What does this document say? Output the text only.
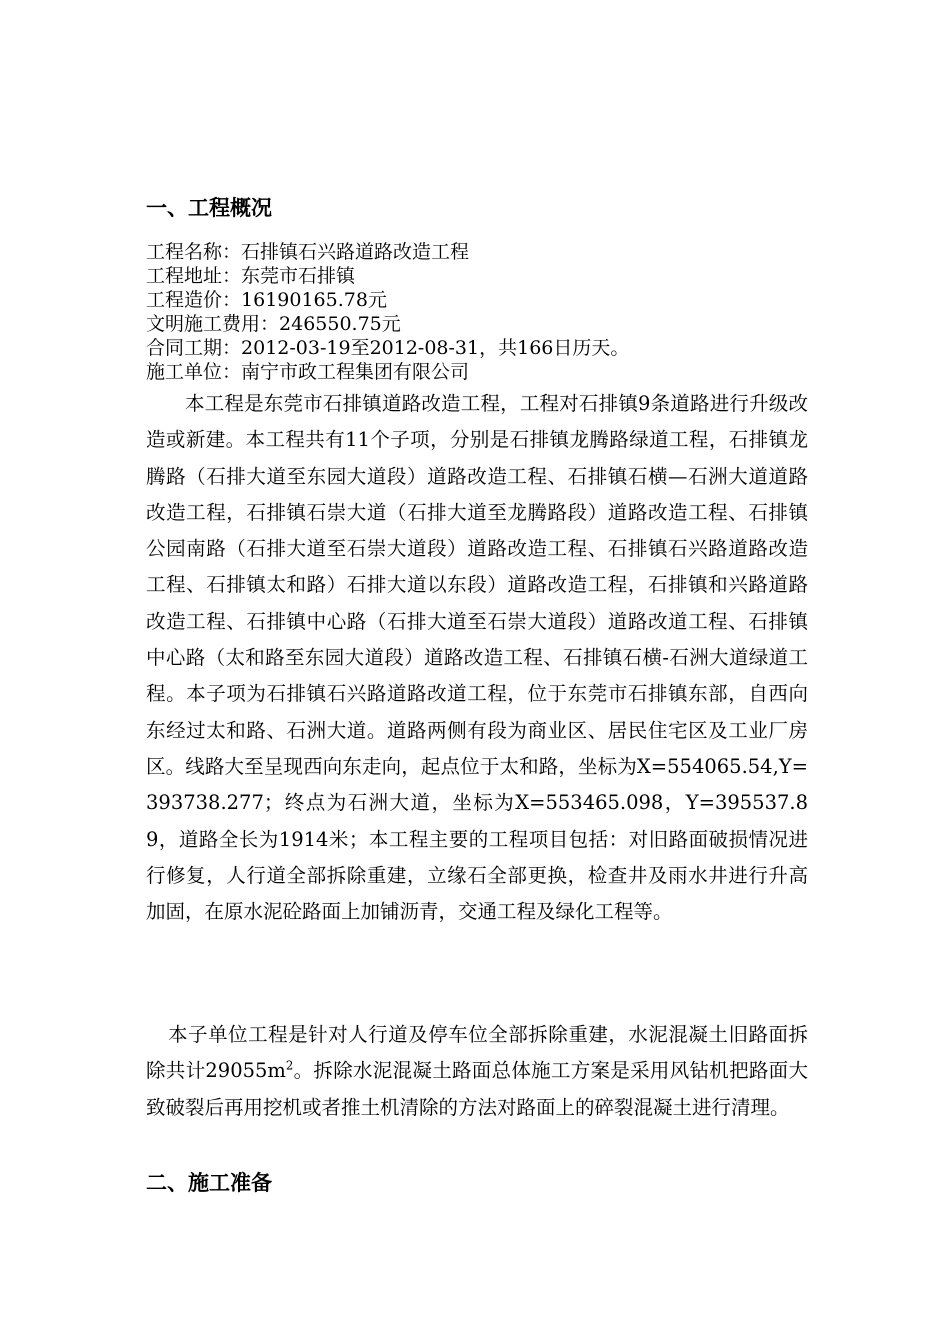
一、工程概况
工程名称：石排镇石兴路道路改造工程
工程地址：东莞市石排镇
工程造价：16190165.78元
文明施工费用：246550.75元
合同工期：2012-03-19至2012-08-31，共166日历天。
施工单位：南宁市政工程集团有限公司

本工程是东莞市石排镇道路改造工程，工程对石排镇9条道路进行升级改造或新建。本工程共有11个子项，分别是石排镇龙腾路绿道工程，石排镇龙腾路（石排大道至东园大道段）道路改造工程、石排镇石横—石洲大道道路改造工程，石排镇石崇大道（石排大道至龙腾路段）道路改造工程、石排镇公园南路（石排大道至石崇大道段）道路改造工程、石排镇石兴路道路改造工程、石排镇太和路）石排大道以东段）道路改造工程，石排镇和兴路道路改造工程、石排镇中心路（石排大道至石崇大道段）道路改道工程、石排镇中心路（太和路至东园大道段）道路改造工程、石排镇石横-石洲大道绿道工程。本子项为石排镇石兴路道路改道工程，位于东莞市石排镇东部，自西向东经过太和路、石洲大道。道路两侧有段为商业区、居民住宅区及工业厂房区。线路大至呈现西向东走向，起点位于太和路，坐标为X=554065.54,Y=393738.277；终点为石洲大道，坐标为X=553465.098，Y=395537.89，道路全长为1914米；本工程主要的工程项目包括：对旧路面破损情况进行修复，人行道全部拆除重建，立缘石全部更换，检查井及雨水井进行升高加固，在原水泥砼路面上加铺沥青，交通工程及绿化工程等。

本子单位工程是针对人行道及停车位全部拆除重建，水泥混凝土旧路面拆除共计$29055m^2$。拆除水泥混凝土路面总体施工方案是采用风钻机把路面大致破裂后再用挖机或者推土机清除的方法对路面上的碎裂混凝土进行清理。

二、施工准备
